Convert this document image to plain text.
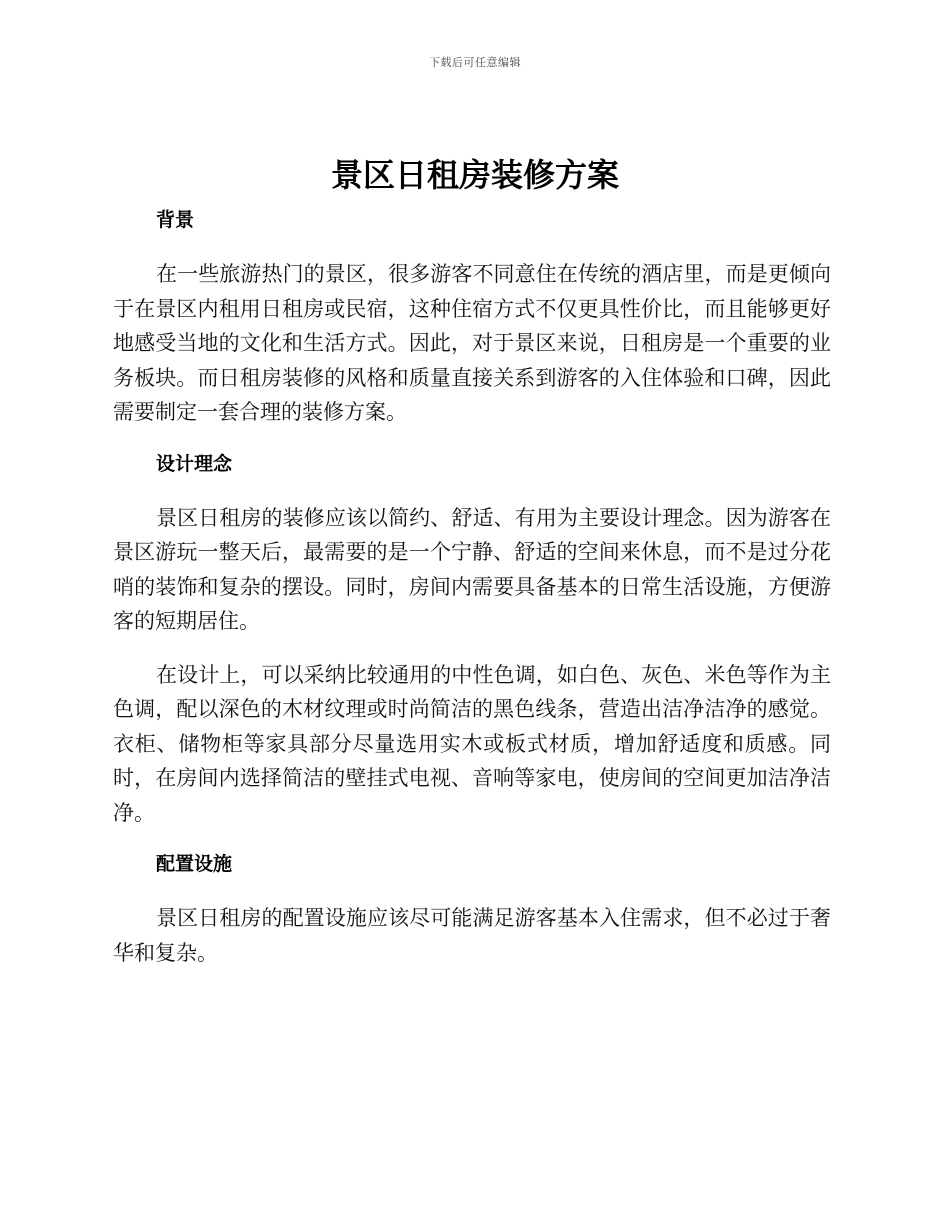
下载后可任意编辑
景区日租房装修方案
背景

在一些旅游热门的景区，很多游客不同意住在传统的酒店里，而是更倾向于在景区内租用日租房或民宿，这种住宿方式不仅更具性价比，而且能够更好地感受当地的文化和生活方式。因此，对于景区来说，日租房是一个重要的业务板块。而日租房装修的风格和质量直接关系到游客的入住体验和口碑，因此需要制定一套合理的装修方案。

设计理念

景区日租房的装修应该以简约、舒适、有用为主要设计理念。因为游客在景区游玩一整天后，最需要的是一个宁静、舒适的空间来休息，而不是过分花哨的装饰和复杂的摆设。同时，房间内需要具备基本的日常生活设施，方便游客的短期居住。

在设计上，可以采纳比较通用的中性色调，如白色、灰色、米色等作为主色调，配以深色的木材纹理或时尚简洁的黑色线条，营造出洁净洁净的感觉。衣柜、储物柜等家具部分尽量选用实木或板式材质，增加舒适度和质感。同时，在房间内选择简洁的壁挂式电视、音响等家电，使房间的空间更加洁净洁净。

配置设施

景区日租房的配置设施应该尽可能满足游客基本入住需求，但不必过于奢华和复杂。
